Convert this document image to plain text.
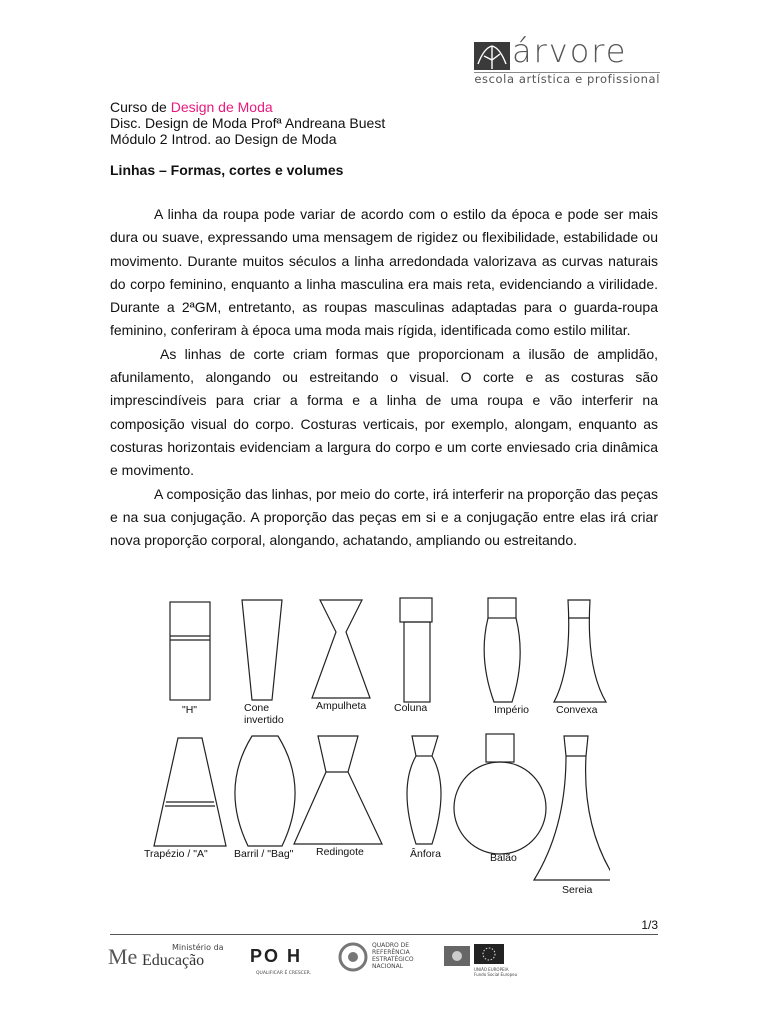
árvore
escola artística e profissional
Curso de Design de Moda
Disc. Design de Moda Profª Andreana Buest
Módulo 2 Introd. ao Design de Moda
Linhas – Formas, cortes e volumes

A linha da roupa pode variar de acordo com o estilo da época e pode ser mais dura ou suave, expressando uma mensagem de rigidez ou flexibilidade, estabilidade ou movimento. Durante muitos séculos a linha arredondada valorizava as curvas naturais do corpo feminino, enquanto a linha masculina era mais reta, evidenciando a virilidade. Durante a 2ªGM, entretanto, as roupas masculinas adaptadas para o guarda-roupa feminino, conferiram à época uma moda mais rígida, identificada como estilo militar.

As linhas de corte criam formas que proporcionam a ilusão de amplidão, afunilamento, alongando ou estreitando o visual. O corte e as costuras são imprescindíveis para criar a forma e a linha de uma roupa e vão interferir na composição visual do corpo. Costuras verticais, por exemplo, alongam, enquanto as costuras horizontais evidenciam a largura do corpo e um corte enviesado cria dinâmica e movimento.

A composição das linhas, por meio do corte, irá interferir na proporção das peças e na sua conjugação. A proporção das peças em si e a conjugação entre elas irá criar nova proporção corporal, alongando, achatando, ampliando ou estreitando.

"H"	Cone
invertido
Ampulheta	Coluna	Império	Convexa
Trapézio / "A"	Barril / "Bag" Redingote	Ânfora	Balão
Sereia
1/3
Me	Ministério da
Educação	PO H
QUALIFICAR É CRESCER.
QUADRO DE REFERÊNCIA ESTRATÉGICO NACIONAL	UNIÃO EUROPEIA
Fundo Social Europeu
